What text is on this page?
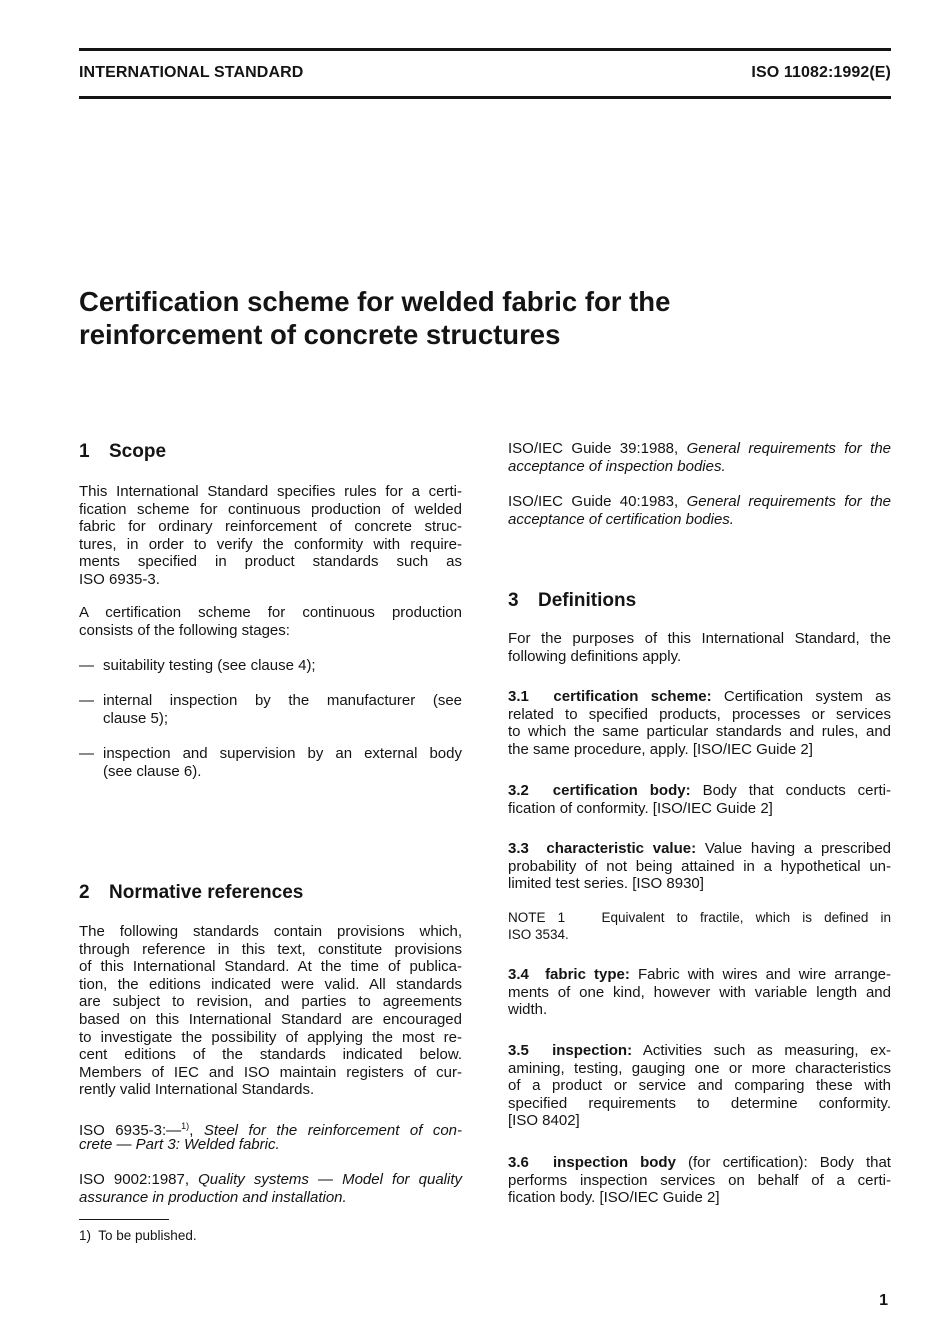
INTERNATIONAL STANDARD	ISO 11082:1992(E)
Certification scheme for welded fabric for the
reinforcement of concrete structures
1 Scope
This International Standard specifies rules for a certi-
fication scheme for continuous production of welded
fabric for ordinary reinforcement of concrete struc-
tures, in order to verify the conformity with require-
ments specified in product standards such as
ISO 6935-3.
A certification scheme for continuous production
consists of the following stages:
— suitability testing (see clause 4);
— internal inspection by the manufacturer (see
clause 5);
— inspection and supervision by an external body
(see clause 6).
2 Normative references
The following standards contain provisions which,
through reference in this text, constitute provisions
of this International Standard. At the time of publica-
tion, the editions indicated were valid. All standards
are subject to revision, and parties to agreements
based on this International Standard are encouraged
to investigate the possibility of applying the most re-
cent editions of the standards indicated below.
Members of IEC and ISO maintain registers of cur-
rently valid International Standards.
ISO 6935-3:—$^{1)}$, Steel for the reinforcement of con-
crete — Part 3: Welded fabric.
ISO 9002:1987, Quality systems — Model for quality
assurance in production and installation.
ISO/IEC Guide 39:1988, General requirements for the
acceptance of inspection bodies.
ISO/IEC Guide 40:1983, General requirements for the
acceptance of certification bodies.
3 Definitions
For the purposes of this International Standard, the
following definitions apply.
3.1 certification scheme: Certification system as
related to specified products, processes or services
to which the same particular standards and rules, and
the same procedure, apply. [ISO/IEC Guide 2]
3.2 certification body: Body that conducts certi-
fication of conformity. [ISO/IEC Guide 2]
3.3 characteristic value: Value having a prescribed
probability of not being attained in a hypothetical un-
limited test series. [ISO 8930]
NOTE 1   Equivalent to fractile, which is defined in
ISO 3534.
3.4 fabric type: Fabric with wires and wire arrange-
ments of one kind, however with variable length and
width.
3.5 inspection: Activities such as measuring, ex-
amining, testing, gauging one or more characteristics
of a product or service and comparing these with
specified requirements to determine conformity.
[ISO 8402]
3.6 inspection body (for certification): Body that
performs inspection services on behalf of a certi-
fication body. [ISO/IEC Guide 2]
1)  To be published.
1
